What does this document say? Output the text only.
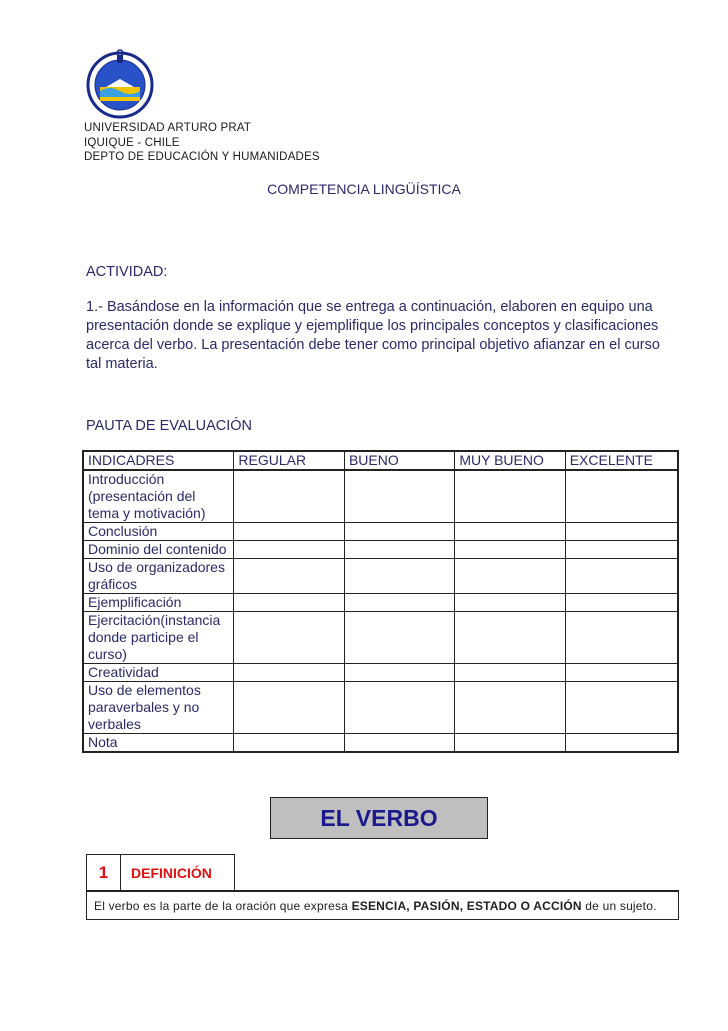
UNIVERSIDAD ARTURO PRAT
IQUIQUE - CHILE
DEPTO DE EDUCACIÓN Y HUMANIDADES
COMPETENCIA LINGÜÍSTICA
ACTIVIDAD:
1.- Basándose en la información que se entrega a continuación, elaboren en equipo una presentación donde se explique y ejemplifique los principales conceptos y clasificaciones acerca del verbo. La presentación debe tener como principal objetivo afianzar en el curso tal materia.
PAUTA DE EVALUACIÓN
INDICADRES	REGULAR	BUENO	MUY BUENO	EXCELENTE
Introducción (presentación del tema y motivación)				
Conclusión				
Dominio del contenido				
Uso de organizadores gráficos				
Ejemplificación				
Ejercitación(instancia donde participe el curso)				
Creatividad				
Uso de elementos paraverbales y no verbales				
Nota				
EL VERBO
1	DEFINICIÓN
El verbo es la parte de la oración que expresa ESENCIA, PASIÓN, ESTADO O ACCIÓN de un sujeto.
